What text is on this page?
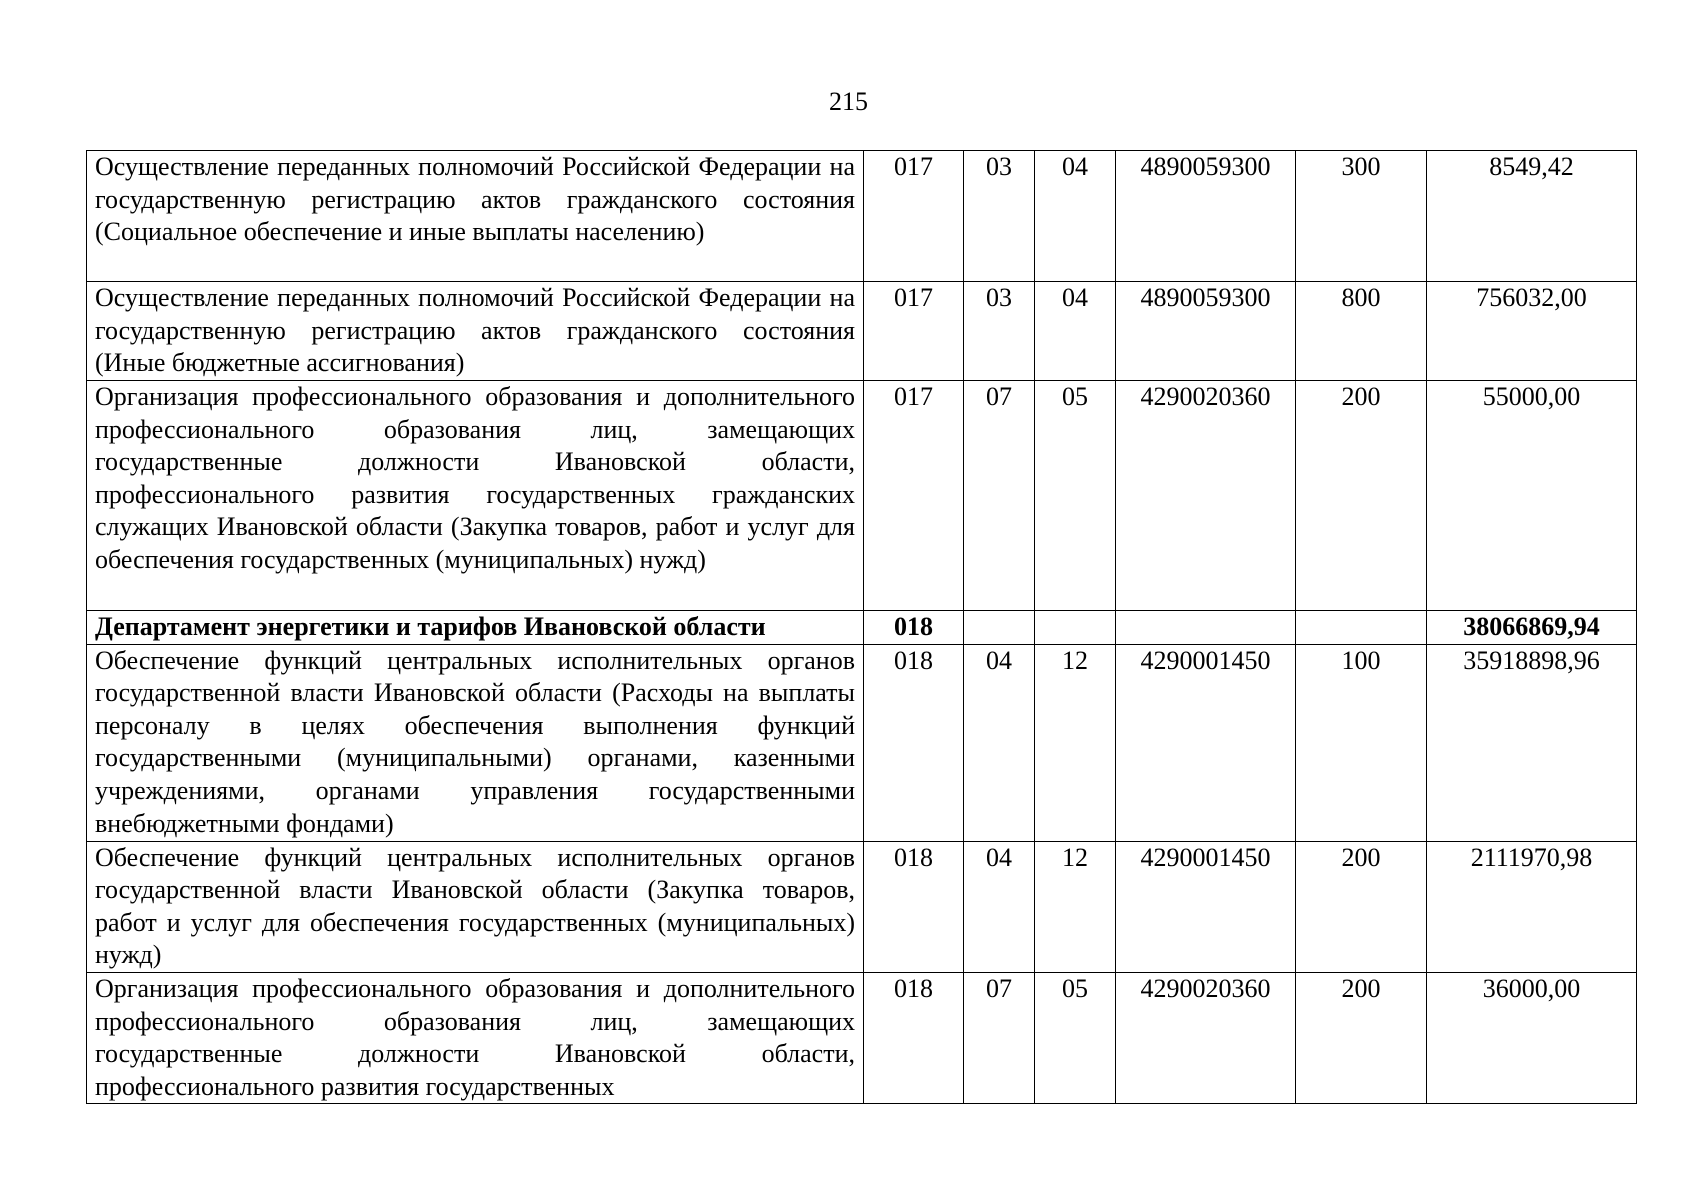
215
Осуществление переданных полномочий Российской Федерации на государственную регистрацию актов гражданского состояния (Социальное обеспечение и иные выплаты населению)	017	03	04	4890059300	300	8549,42
Осуществление переданных полномочий Российской Федерации на государственную регистрацию актов гражданского состояния (Иные бюджетные ассигнования)	017	03	04	4890059300	800	756032,00
Организация профессионального образования и дополнительного профессионального образования лиц, замещающих государственные должности Ивановской области, профессионального развития государственных гражданских служащих Ивановской области (Закупка товаров, работ и услуг для обеспечения государственных (муниципальных) нужд)	017	07	05	4290020360	200	55000,00
Департамент энергетики и тарифов Ивановской области	018					38066869,94
Обеспечение функций центральных исполнительных органов государственной власти Ивановской области (Расходы на выплаты персоналу в целях обеспечения выполнения функций государственными (муниципальными) органами, казенными учреждениями, органами управления государственными внебюджетными фондами)	018	04	12	4290001450	100	35918898,96
Обеспечение функций центральных исполнительных органов государственной власти Ивановской области (Закупка товаров, работ и услуг для обеспечения государственных (муниципальных) нужд)	018	04	12	4290001450	200	2111970,98
Организация профессионального образования и дополнительного профессионального образования лиц, замещающих государственные должности Ивановской области, профессионального развития государственных	018	07	05	4290020360	200	36000,00
